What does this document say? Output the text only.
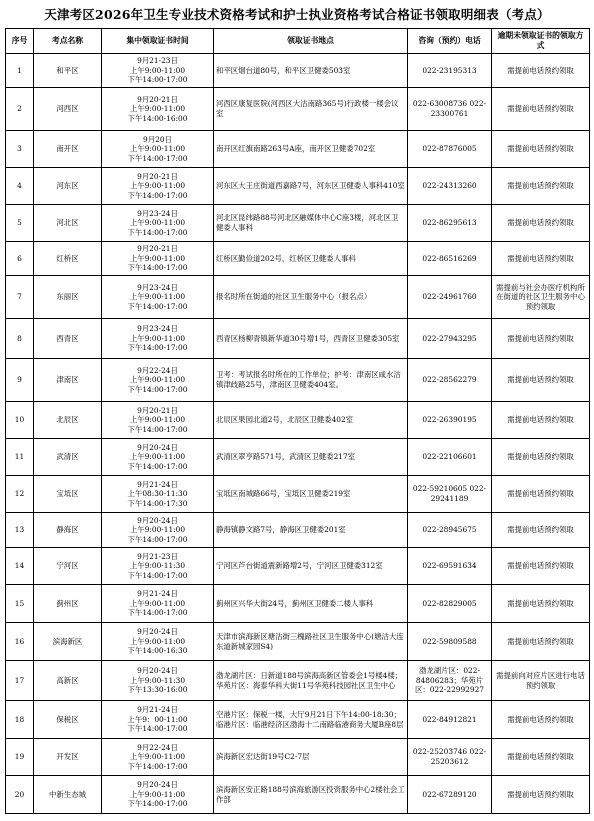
天津考区2026年卫生专业技术资格考试和护士执业资格考试合格证书领取明细表（考点）
序号	考点名称	集中领取证书时间	领取证书地点	咨询（预约）电话	逾期未领取证书的领取方式
1	和平区	9月21-23日
上午9:00-11:00
下午14:00-17:00	和平区烟台道80号，和平区卫健委503室	022-23195313	需提前电话预约领取
2	河西区	9月20-21日
上午9:00-11:00
下午14:00-16:00	河西区康复医院(河西区大沽南路365号)行政楼一楼会议室	022-63008736 022-23300761	需提前电话预约领取
3	南开区	9月20日
上午9:00-11:00
下午14:00-17:00	南开区红旗南路263号A座，南开区卫健委702室	022-87876005	需提前电话预约领取
4	河东区	9月20-21日
上午9:00-11:00
下午14:00-17:00	河东区大王庄街道西嘉路7号，河东区卫健委人事科410室	022-24313260	需提前电话预约领取
5	河北区	9月23-24日
上午9:00-11:00
下午14:00-17:00	河北区昆纬路88号河北区融媒体中心C座3楼，河北区卫健委人事科	022-86295613	需提前电话预约领取
6	红桥区	9月20-21日
上午9:00-11:00
下午14:00-17:00	红桥区勤俭道202号，红桥区卫健委人事科	022-86516269	需提前电话预约领取
7	东丽区	9月23-24日
上午9:00-11:00
下午14:00-17:00	报名时所在街道的社区卫生服务中心（报名点）	022-24961760	需提前与社会办医疗机构所在街道的社区卫生服务中心预约领取
8	西青区	9月23-24日
上午9:00-11:00
下午14:00-17:00	西青区杨柳青镇新华道30号增1号，西青区卫健委305室	022-27943295	需提前电话预约领取
9	津南区	9月22-24日
上午9:00-11:00
下午14:00-17:00	卫考：考试报名时所在的工作单位；护考：津南区咸水沽镇津歧路25号，津南区卫健委404室。	022-28562279	需提前电话预约领取
10	北辰区	9月20-21日
上午9:00-11:00
下午14:00-17:00	北辰区果园北道2号，北辰区卫健委402室	022-26390195	需提前电话预约领取
11	武清区	9月20-24日
上午9:00-11:00
下午14:00-17:00	武清区翠亨路571号，武清区卫健委217室	022-22106601	需提前电话预约领取
12	宝坻区	9月21-24日
上午08:30-11:30
下午14:00-17:30	宝坻区南城路66号，宝坻区卫健委219室	022-59210605 022-29241189	需提前电话预约领取
13	静海区	9月20-24日
上午9:00-11:00
下午14:00-17:00	静海镇静文路7号，静海区卫健委201室	022-28945675	需提前电话预约领取
14	宁河区	9月21-23日
上午9:00-11:30
下午14:00-17:00	宁河区芦台街道震新路增2号，宁河区卫健委312室	022-69591634	需提前电话预约领取
15	蓟州区	9月21-24日
上午9:00-11:00
下午14:00-17:00	蓟州区兴华大街24号，蓟州区卫健委二楼人事科	022-82829005	需提前电话预约领取
16	滨海新区	9月20-24日
上午9:00-11:00
下午14:00-16:30	天津市滨海新区塘沽街三槐路社区卫生服务中心(塘沽大连东道新城家园S4)	022-59809588	需提前电话预约领取
17	高新区	9月20-24日
上午9:00-11:30
下午13:30-16:00	渤龙湖片区：日新道188号滨海高新区管委会1号楼4楼；华苑片区：海泰华科大街11号华苑科技园社区卫生中心	渤龙湖片区：022-84806283；华苑片区：022-22992927	需提前向对应片区进行电话预约领取
18	保税区	9月21-24日
上午9：00-11:00
下午14:00-17:00	空港片区：保税一楼，大厅9月21日下午14:00-18:30；临港片区：临港经济区渤海十二南路临港商务大厦B座8层	022-84912821	需提前电话预约领取
19	开发区	9月22-24日
上午9:00-11:00
下午14:00-17:00	滨海新区宏达街19号C2-7层	022-25203746 022-25203612	需提前电话预约领取
20	中新生态城	9月20-24日
上午9:00-11:00
下午14:00-17:00	滨海新区安正路188号滨海旅游区投资服务中心2楼社会工作部	022-67289120	需提前电话预约领取
